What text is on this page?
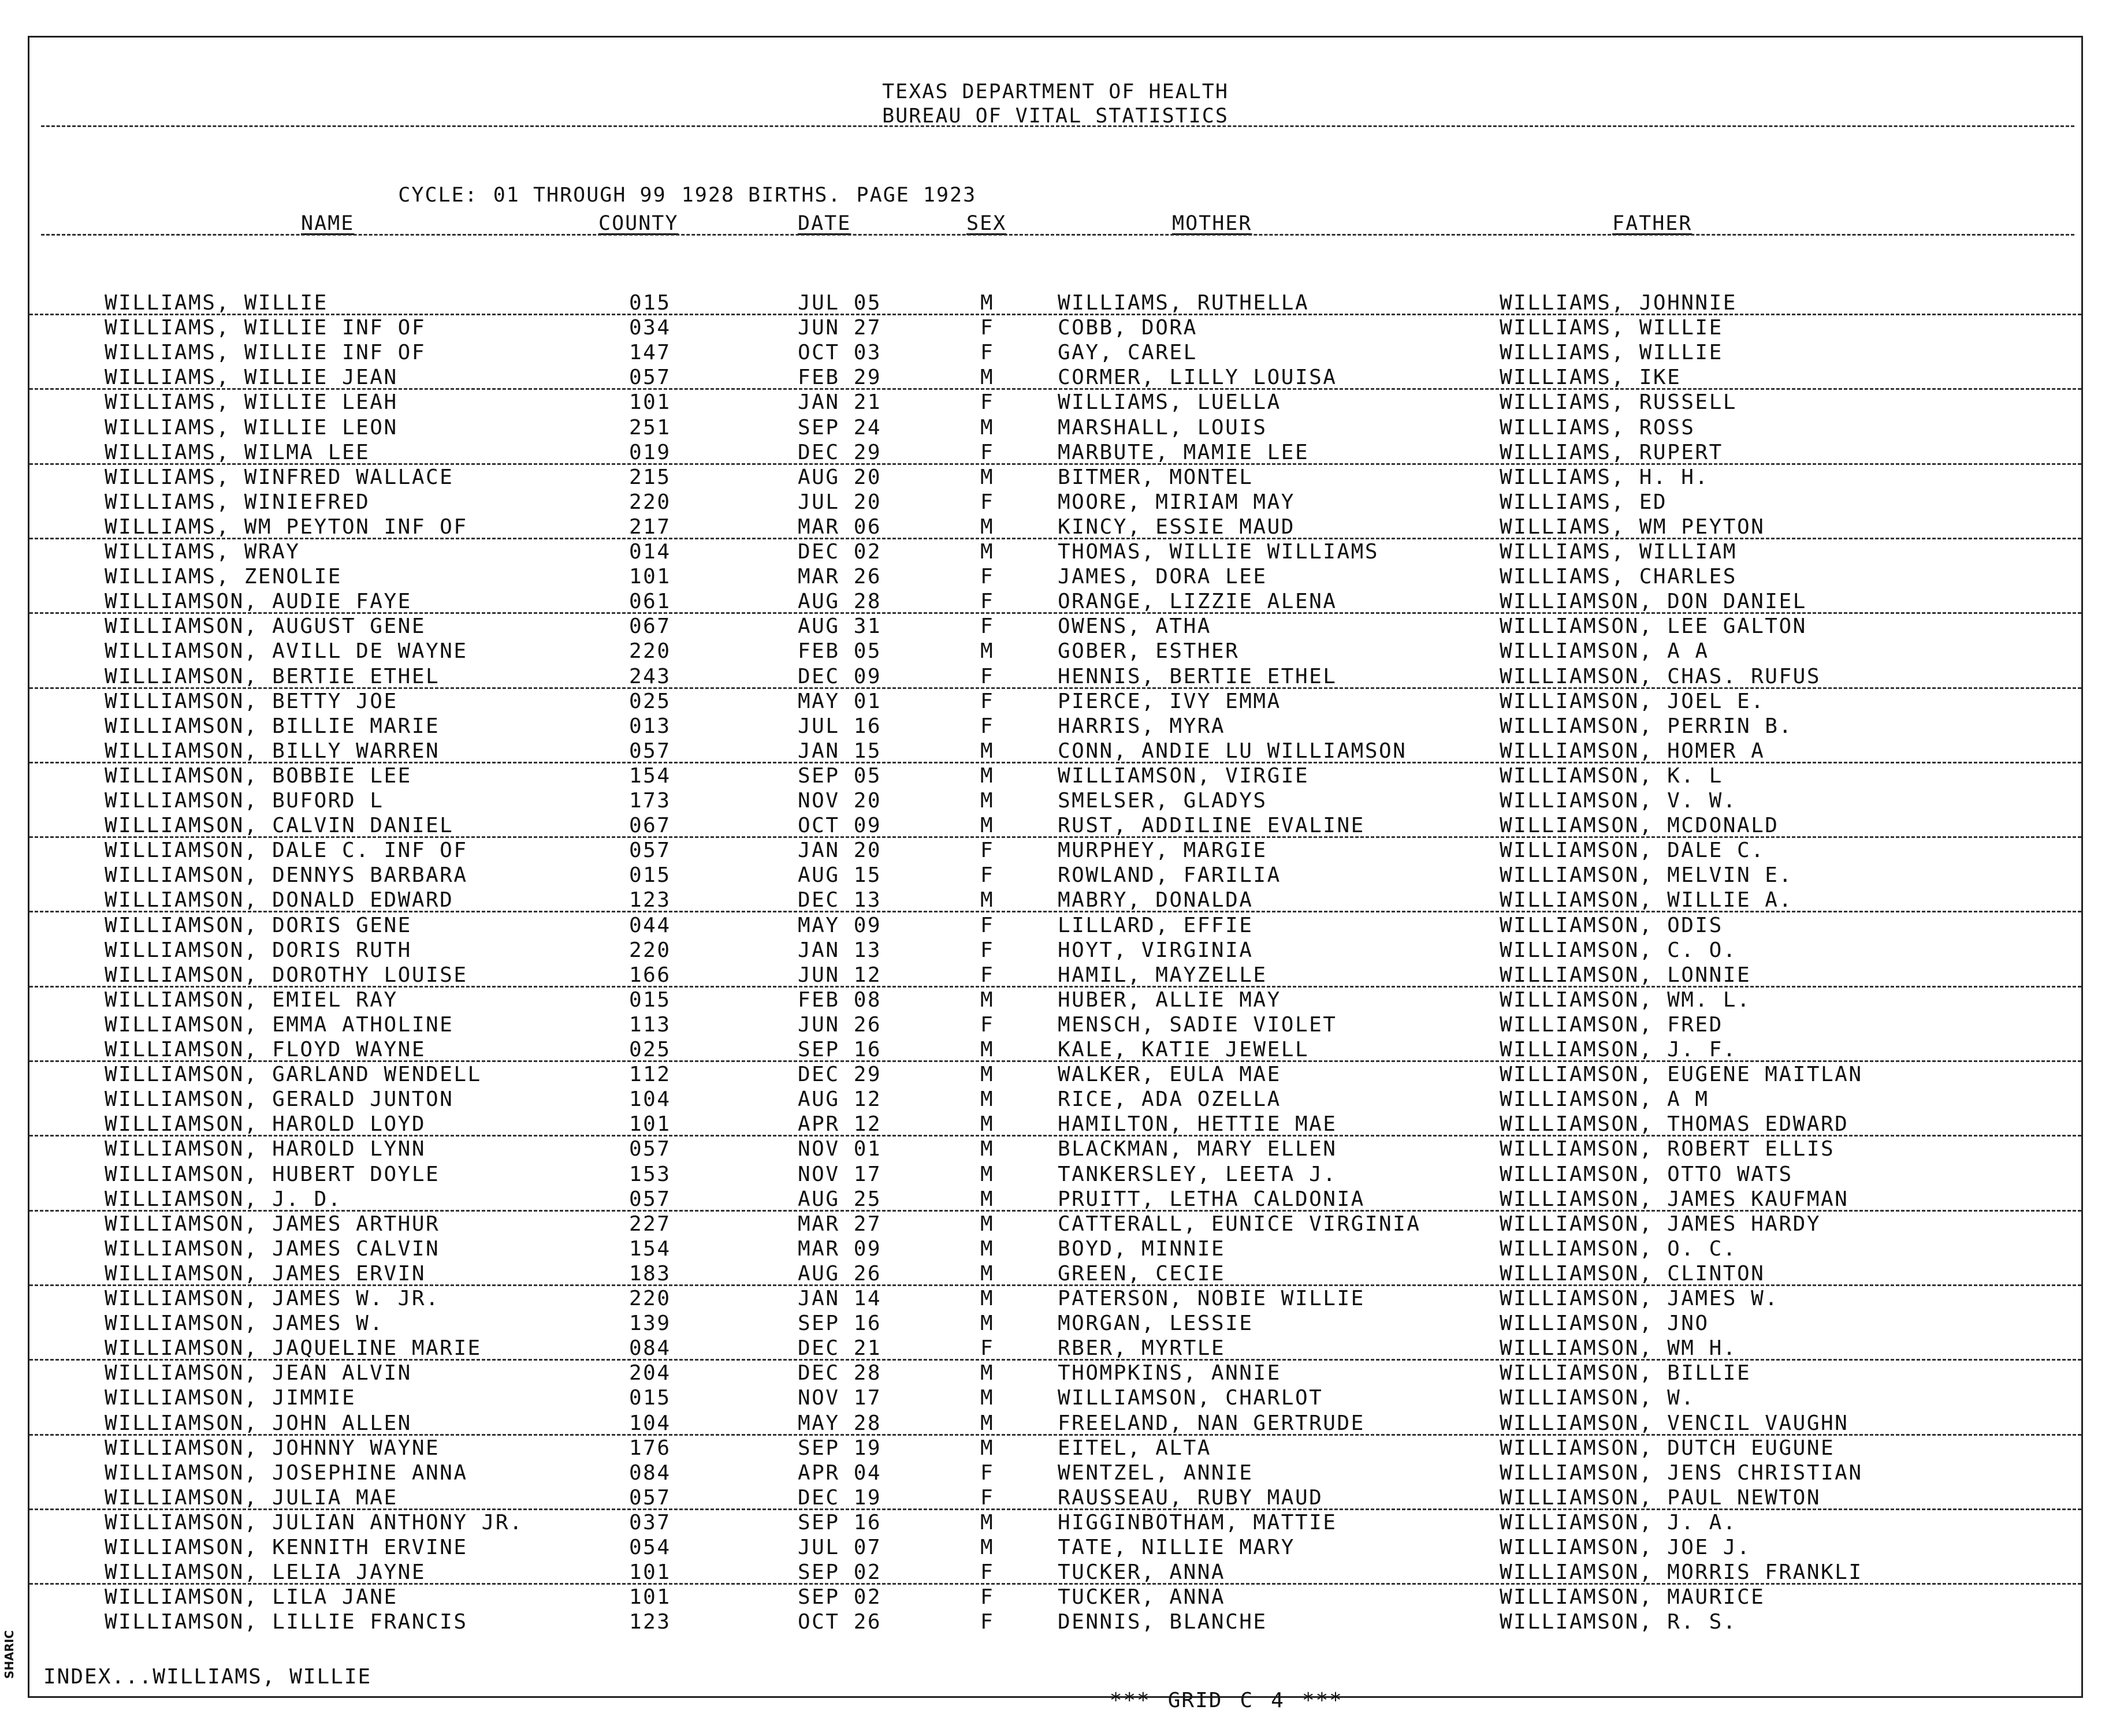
SHARIC
TEXAS DEPARTMENT OF HEALTH
BUREAU OF VITAL STATISTICS

CYCLE: 01 THROUGH 99 1928 BIRTHS. PAGE 1923

NAME	COUNTY	DATE	SEX	MOTHER	FATHER
WILLIAMS, WILLIE	015	JUL 05	M	WILLIAMS, RUTHELLA	WILLIAMS, JOHNNIE
WILLIAMS, WILLIE INF OF	034	JUN 27	F	COBB, DORA	WILLIAMS, WILLIE
WILLIAMS, WILLIE INF OF	147	OCT 03	F	GAY, CAREL	WILLIAMS, WILLIE
WILLIAMS, WILLIE JEAN	057	FEB 29	M	CORMER, LILLY LOUISA	WILLIAMS, IKE
WILLIAMS, WILLIE LEAH	101	JAN 21	F	WILLIAMS, LUELLA	WILLIAMS, RUSSELL
WILLIAMS, WILLIE LEON	251	SEP 24	M	MARSHALL, LOUIS	WILLIAMS, ROSS
WILLIAMS, WILMA LEE	019	DEC 29	F	MARBUTE, MAMIE LEE	WILLIAMS, RUPERT
WILLIAMS, WINFRED WALLACE	215	AUG 20	M	BITMER, MONTEL	WILLIAMS, H. H.
WILLIAMS, WINIEFRED	220	JUL 20	F	MOORE, MIRIAM MAY	WILLIAMS, ED
WILLIAMS, WM PEYTON INF OF	217	MAR 06	M	KINCY, ESSIE MAUD	WILLIAMS, WM PEYTON
WILLIAMS, WRAY	014	DEC 02	M	THOMAS, WILLIE WILLIAMS	WILLIAMS, WILLIAM
WILLIAMS, ZENOLIE	101	MAR 26	F	JAMES, DORA LEE	WILLIAMS, CHARLES
WILLIAMSON, AUDIE FAYE	061	AUG 28	F	ORANGE, LIZZIE ALENA	WILLIAMSON, DON DANIEL
WILLIAMSON, AUGUST GENE	067	AUG 31	F	OWENS, ATHA	WILLIAMSON, LEE GALTON
WILLIAMSON, AVILL DE WAYNE	220	FEB 05	M	GOBER, ESTHER	WILLIAMSON, A A
WILLIAMSON, BERTIE ETHEL	243	DEC 09	F	HENNIS, BERTIE ETHEL	WILLIAMSON, CHAS. RUFUS
WILLIAMSON, BETTY JOE	025	MAY 01	F	PIERCE, IVY EMMA	WILLIAMSON, JOEL E.
WILLIAMSON, BILLIE MARIE	013	JUL 16	F	HARRIS, MYRA	WILLIAMSON, PERRIN B.
WILLIAMSON, BILLY WARREN	057	JAN 15	M	CONN, ANDIE LU WILLIAMSON	WILLIAMSON, HOMER A
WILLIAMSON, BOBBIE LEE	154	SEP 05	M	WILLIAMSON, VIRGIE	WILLIAMSON, K. L
WILLIAMSON, BUFORD L	173	NOV 20	M	SMELSER, GLADYS	WILLIAMSON, V. W.
WILLIAMSON, CALVIN DANIEL	067	OCT 09	M	RUST, ADDILINE EVALINE	WILLIAMSON, MCDONALD
WILLIAMSON, DALE C. INF OF	057	JAN 20	F	MURPHEY, MARGIE	WILLIAMSON, DALE C.
WILLIAMSON, DENNYS BARBARA	015	AUG 15	F	ROWLAND, FARILIA	WILLIAMSON, MELVIN E.
WILLIAMSON, DONALD EDWARD	123	DEC 13	M	MABRY, DONALDA	WILLIAMSON, WILLIE A.
WILLIAMSON, DORIS GENE	044	MAY 09	F	LILLARD, EFFIE	WILLIAMSON, ODIS
WILLIAMSON, DORIS RUTH	220	JAN 13	F	HOYT, VIRGINIA	WILLIAMSON, C. O.
WILLIAMSON, DOROTHY LOUISE	166	JUN 12	F	HAMIL, MAYZELLE	WILLIAMSON, LONNIE
WILLIAMSON, EMIEL RAY	015	FEB 08	M	HUBER, ALLIE MAY	WILLIAMSON, WM. L.
WILLIAMSON, EMMA ATHOLINE	113	JUN 26	F	MENSCH, SADIE VIOLET	WILLIAMSON, FRED
WILLIAMSON, FLOYD WAYNE	025	SEP 16	M	KALE, KATIE JEWELL	WILLIAMSON, J. F.
WILLIAMSON, GARLAND WENDELL	112	DEC 29	M	WALKER, EULA MAE	WILLIAMSON, EUGENE MAITLAN
WILLIAMSON, GERALD JUNTON	104	AUG 12	M	RICE, ADA OZELLA	WILLIAMSON, A M
WILLIAMSON, HAROLD LOYD	101	APR 12	M	HAMILTON, HETTIE MAE	WILLIAMSON, THOMAS EDWARD
WILLIAMSON, HAROLD LYNN	057	NOV 01	M	BLACKMAN, MARY ELLEN	WILLIAMSON, ROBERT ELLIS
WILLIAMSON, HUBERT DOYLE	153	NOV 17	M	TANKERSLEY, LEETA J.	WILLIAMSON, OTTO WATS
WILLIAMSON, J. D.	057	AUG 25	M	PRUITT, LETHA CALDONIA	WILLIAMSON, JAMES KAUFMAN
WILLIAMSON, JAMES ARTHUR	227	MAR 27	M	CATTERALL, EUNICE VIRGINIA	WILLIAMSON, JAMES HARDY
WILLIAMSON, JAMES CALVIN	154	MAR 09	M	BOYD, MINNIE	WILLIAMSON, O. C.
WILLIAMSON, JAMES ERVIN	183	AUG 26	M	GREEN, CECIE	WILLIAMSON, CLINTON
WILLIAMSON, JAMES W. JR.	220	JAN 14	M	PATERSON, NOBIE WILLIE	WILLIAMSON, JAMES W.
WILLIAMSON, JAMES W.	139	SEP 16	M	MORGAN, LESSIE	WILLIAMSON, JNO
WILLIAMSON, JAQUELINE MARIE	084	DEC 21	F	RBER, MYRTLE	WILLIAMSON, WM H.
WILLIAMSON, JEAN ALVIN	204	DEC 28	M	THOMPKINS, ANNIE	WILLIAMSON, BILLIE
WILLIAMSON, JIMMIE	015	NOV 17	M	WILLIAMSON, CHARLOT	WILLIAMSON, W.
WILLIAMSON, JOHN ALLEN	104	MAY 28	M	FREELAND, NAN GERTRUDE	WILLIAMSON, VENCIL VAUGHN
WILLIAMSON, JOHNNY WAYNE	176	SEP 19	M	EITEL, ALTA	WILLIAMSON, DUTCH EUGUNE
WILLIAMSON, JOSEPHINE ANNA	084	APR 04	F	WENTZEL, ANNIE	WILLIAMSON, JENS CHRISTIAN
WILLIAMSON, JULIA MAE	057	DEC 19	F	RAUSSEAU, RUBY MAUD	WILLIAMSON, PAUL NEWTON
WILLIAMSON, JULIAN ANTHONY JR.	037	SEP 16	M	HIGGINBOTHAM, MATTIE	WILLIAMSON, J. A.
WILLIAMSON, KENNITH ERVINE	054	JUL 07	M	TATE, NILLIE MARY	WILLIAMSON, JOE J.
WILLIAMSON, LELIA JAYNE	101	SEP 02	F	TUCKER, ANNA	WILLIAMSON, MORRIS FRANKLI
WILLIAMSON, LILA JANE	101	SEP 02	F	TUCKER, ANNA	WILLIAMSON, MAURICE
WILLIAMSON, LILLIE FRANCIS	123	OCT 26	F	DENNIS, BLANCHE	WILLIAMSON, R. S.
INDEX...WILLIAMS, WILLIE

*** GRID C 4 ***
